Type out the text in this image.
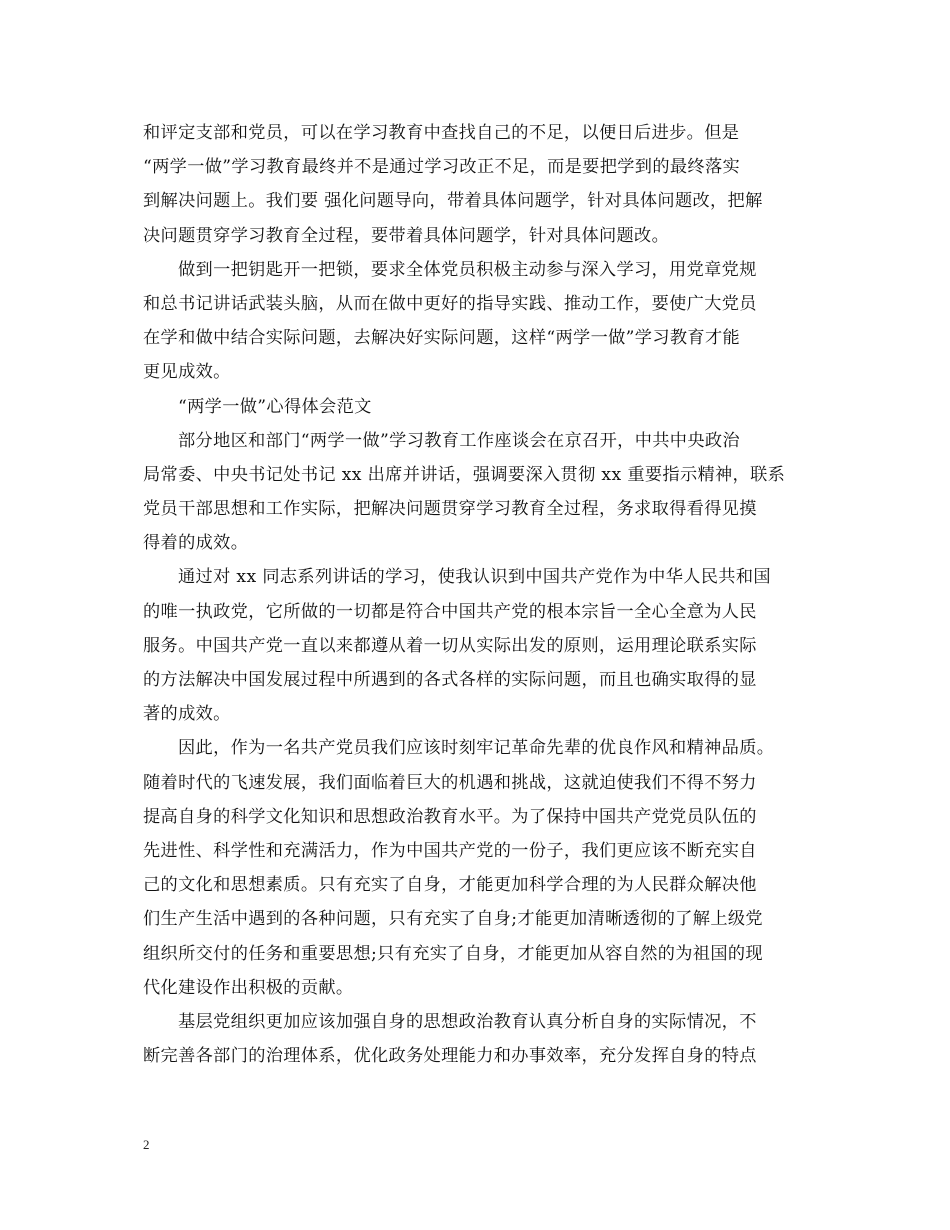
和评定支部和党员，可以在学习教育中查找自己的不足，以便日后进步。但是
“两学一做”学习教育最终并不是通过学习改正不足，而是要把学到的最终落实
到解决问题上。我们要 强化问题导向，带着具体问题学，针对具体问题改，把解
决问题贯穿学习教育全过程，要带着具体问题学，针对具体问题改。
做到一把钥匙开一把锁，要求全体党员积极主动参与深入学习，用党章党规
和总书记讲话武装头脑，从而在做中更好的指导实践、推动工作，要使广大党员
在学和做中结合实际问题，去解决好实际问题，这样“两学一做”学习教育才能
更见成效。
“两学一做”心得体会范文
部分地区和部门“两学一做”学习教育工作座谈会在京召开，中共中央政治
局常委、中央书记处书记 xx 出席并讲话，强调要深入贯彻 xx 重要指示精神，联系
党员干部思想和工作实际，把解决问题贯穿学习教育全过程，务求取得看得见摸
得着的成效。
通过对 xx 同志系列讲话的学习，使我认识到中国共产党作为中华人民共和国
的唯一执政党，它所做的一切都是符合中国共产党的根本宗旨一全心全意为人民
服务。中国共产党一直以来都遵从着一切从实际出发的原则，运用理论联系实际
的方法解决中国发展过程中所遇到的各式各样的实际问题，而且也确实取得的显
著的成效。
因此，作为一名共产党员我们应该时刻牢记革命先辈的优良作风和精神品质。
随着时代的飞速发展，我们面临着巨大的机遇和挑战，这就迫使我们不得不努力
提高自身的科学文化知识和思想政治教育水平。为了保持中国共产党党员队伍的
先进性、科学性和充满活力，作为中国共产党的一份子，我们更应该不断充实自
己的文化和思想素质。只有充实了自身，才能更加科学合理的为人民群众解决他
们生产生活中遇到的各种问题，只有充实了自身;才能更加清晰透彻的了解上级党
组织所交付的任务和重要思想;只有充实了自身，才能更加从容自然的为祖国的现
代化建设作出积极的贡献。
基层党组织更加应该加强自身的思想政治教育认真分析自身的实际情况，不
断完善各部门的治理体系，优化政务处理能力和办事效率，充分发挥自身的特点
2
